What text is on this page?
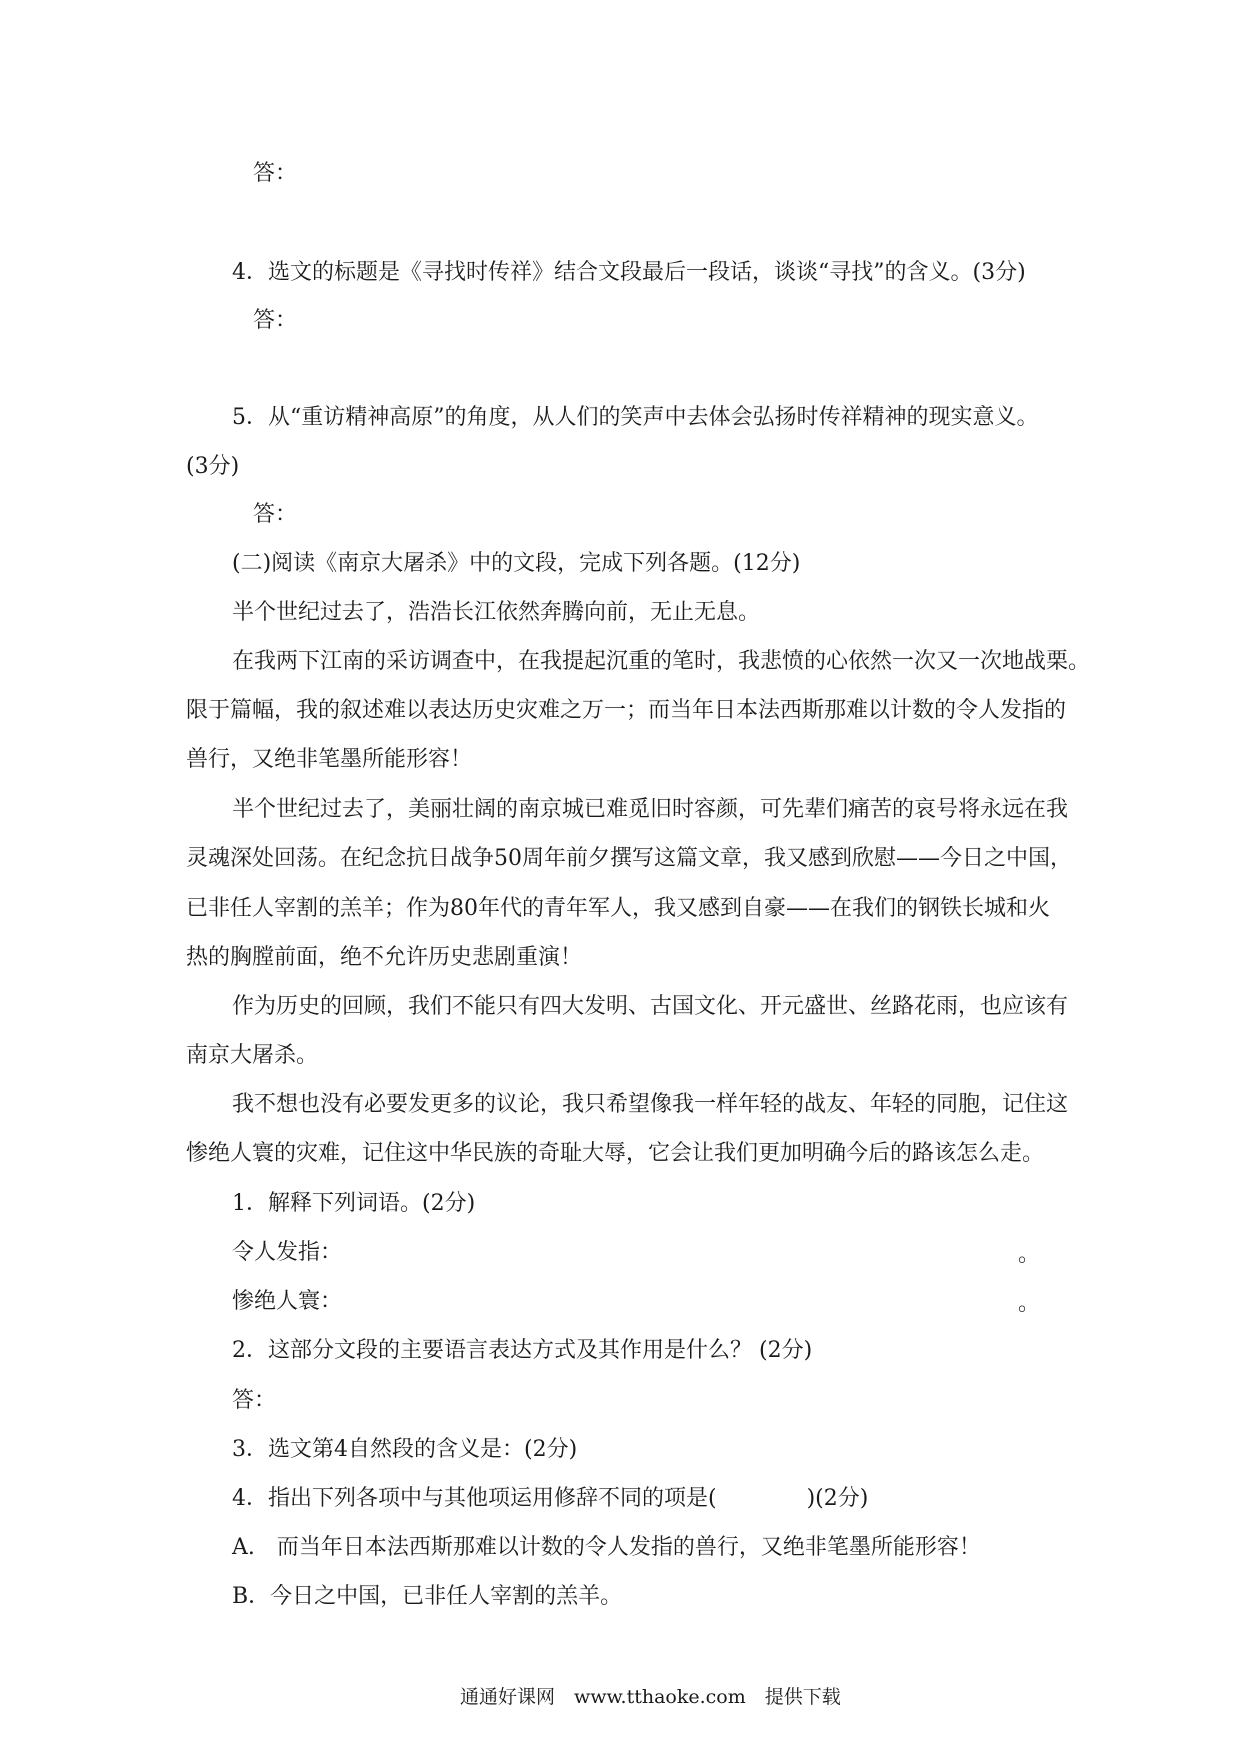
答：
4．选文的标题是《寻找时传祥》结合文段最后一段话，谈谈“寻找”的含义。(3分)
答：
5．从“重访精神高原”的角度，从人们的笑声中去体会弘扬时传祥精神的现实意义。
(3分)
答：
(二)阅读《南京大屠杀》中的文段，完成下列各题。(12分)
半个世纪过去了，浩浩长江依然奔腾向前，无止无息。
在我两下江南的采访调查中，在我提起沉重的笔时，我悲愤的心依然一次又一次地战栗。
限于篇幅，我的叙述难以表达历史灾难之万一；而当年日本法西斯那难以计数的令人发指的
兽行，又绝非笔墨所能形容！
半个世纪过去了，美丽壮阔的南京城已难觅旧时容颜，可先辈们痛苦的哀号将永远在我
灵魂深处回荡。在纪念抗日战争50周年前夕撰写这篇文章，我又感到欣慰——今日之中国，
已非任人宰割的羔羊；作为80年代的青年军人，我又感到自豪——在我们的钢铁长城和火
热的胸膛前面，绝不允许历史悲剧重演！
作为历史的回顾，我们不能只有四大发明、古国文化、开元盛世、丝路花雨，也应该有
南京大屠杀。
我不想也没有必要发更多的议论，我只希望像我一样年轻的战友、年轻的同胞，记住这
惨绝人寰的灾难，记住这中华民族的奇耻大辱，它会让我们更加明确今后的路该怎么走。
1．解释下列词语。(2分)
令人发指：	。
惨绝人寰：	。
2．这部分文段的主要语言表达方式及其作用是什么？ (2分)
答：
3．选文第4自然段的含义是：(2分)
4．指出下列各项中与其他项运用修辞不同的项是(	)(2分)
A.　而当年日本法西斯那难以计数的令人发指的兽行，又绝非笔墨所能形容！
B．今日之中国，已非任人宰割的羔羊。
通通好课网　www.tthaoke.com　提供下载
